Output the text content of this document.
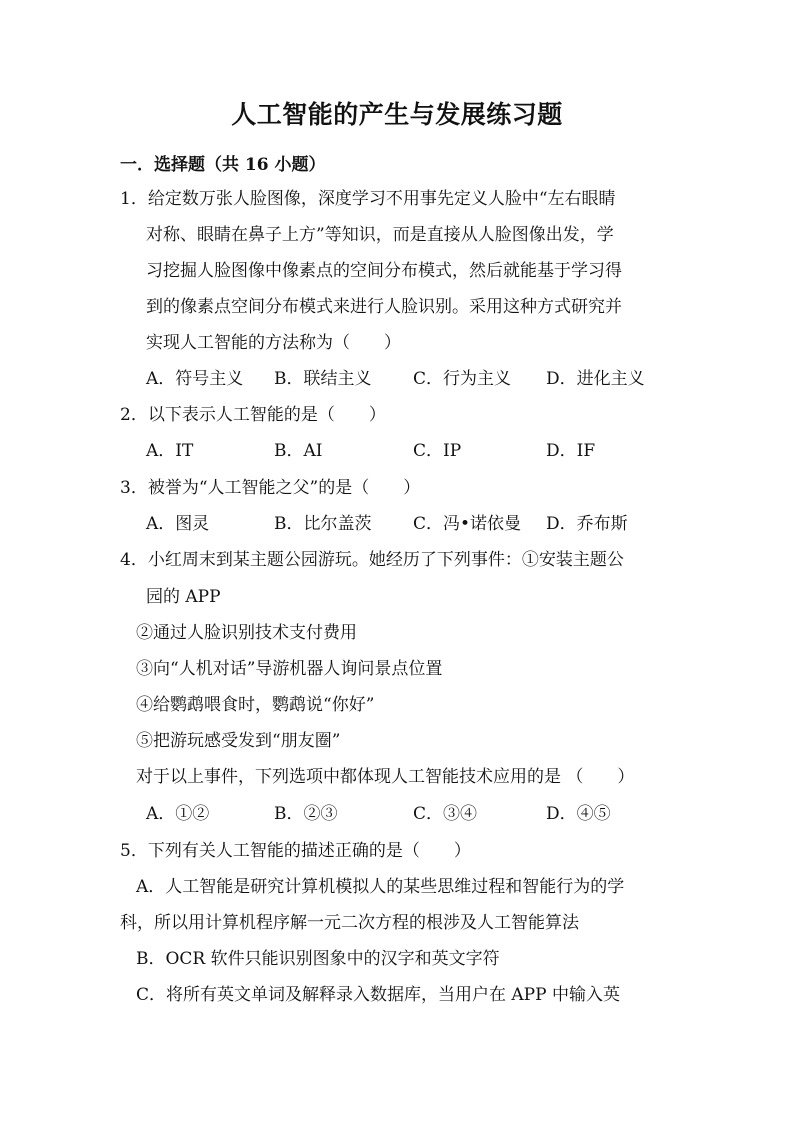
人工智能的产生与发展练习题
一．选择题（共 16 小题）
1．给定数万张人脸图像，深度学习不用事先定义人脸中“左右眼睛
对称、眼睛在鼻子上方”等知识，而是直接从人脸图像出发，学
习挖掘人脸图像中像素点的空间分布模式，然后就能基于学习得
到的像素点空间分布模式来进行人脸识别。采用这种方式研究并
实现人工智能的方法称为（　　）
A．符号主义 B．联结主义 C．行为主义 D．进化主义
2．以下表示人工智能的是（　　）
A．IT	B．AI	C．IP	D．IF
3．被誉为“人工智能之父”的是（　　）
A．图灵	B．比尔盖茨 C．冯•诺依曼 D．乔布斯
4．小红周末到某主题公园游玩。她经历了下列事件：①安装主题公
园的 APP
②通过人脸识别技术支付费用
③向“人机对话”导游机器人询问景点位置
④给鹦鹉喂食时，鹦鹉说“你好”
⑤把游玩感受发到“朋友圈”
对于以上事件，下列选项中都体现人工智能技术应用的是 （　　）
A．①②	B．②③	C．③④	D．④⑤
5．下列有关人工智能的描述正确的是（　　）
A．人工智能是研究计算机模拟人的某些思维过程和智能行为的学
科，所以用计算机程序解一元二次方程的根涉及人工智能算法
B．OCR 软件只能识别图象中的汉字和英文字符
C．将所有英文单词及解释录入数据库，当用户在 APP 中输入英
